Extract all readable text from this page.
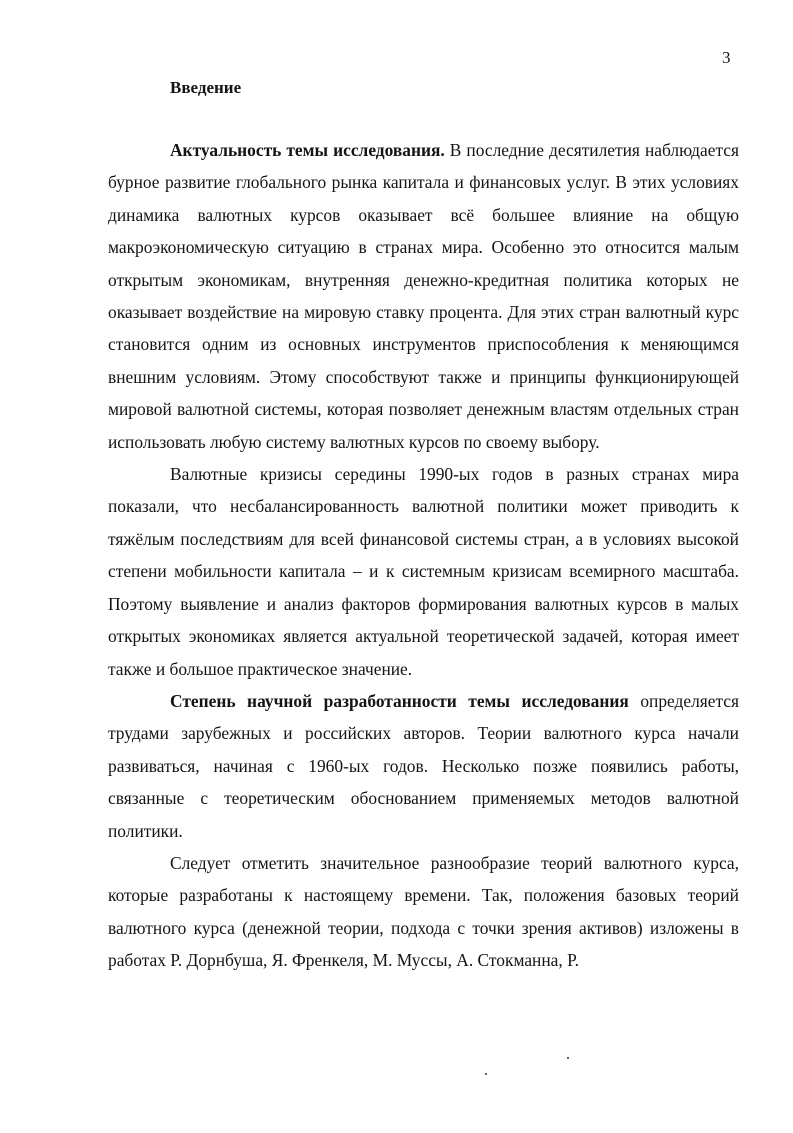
3
Введение

Актуальность темы исследования. В последние десятилетия наблюдается бурное развитие глобального рынка капитала и финансовых услуг. В этих условиях динамика валютных курсов оказывает всё большее влияние на общую макроэкономическую ситуацию в странах мира. Особенно это относится малым открытым экономикам, внутренняя денежно-кредитная политика которых не оказывает воздействие на мировую ставку процента. Для этих стран валютный курс становится одним из основных инструментов приспособления к меняющимся внешним условиям. Этому способствуют также и принципы функционирующей мировой валютной системы, которая позволяет денежным властям отдельных стран использовать любую систему валютных курсов по своему выбору.

Валютные кризисы середины 1990-ых годов в разных странах мира показали, что несбалансированность валютной политики может приводить к тяжёлым последствиям для всей финансовой системы стран, а в условиях высокой степени мобильности капитала – и к системным кризисам всемирного масштаба. Поэтому выявление и анализ факторов формирования валютных курсов в малых открытых экономиках является актуальной теоретической задачей, которая имеет также и большое практическое значение.

Степень научной разработанности темы исследования определяется трудами зарубежных и российских авторов. Теории валютного курса начали развиваться, начиная с 1960-ых годов. Несколько позже появились работы, связанные с теоретическим обоснованием применяемых методов валютной политики.

Следует отметить значительное разнообразие теорий валютного курса, которые разработаны к настоящему времени. Так, положения базовых теорий валютного курса (денежной теории, подхода с точки зрения активов) изложены в работах Р. Дорнбуша, Я. Френкеля, М. Муссы, А. Стокманна, Р.
